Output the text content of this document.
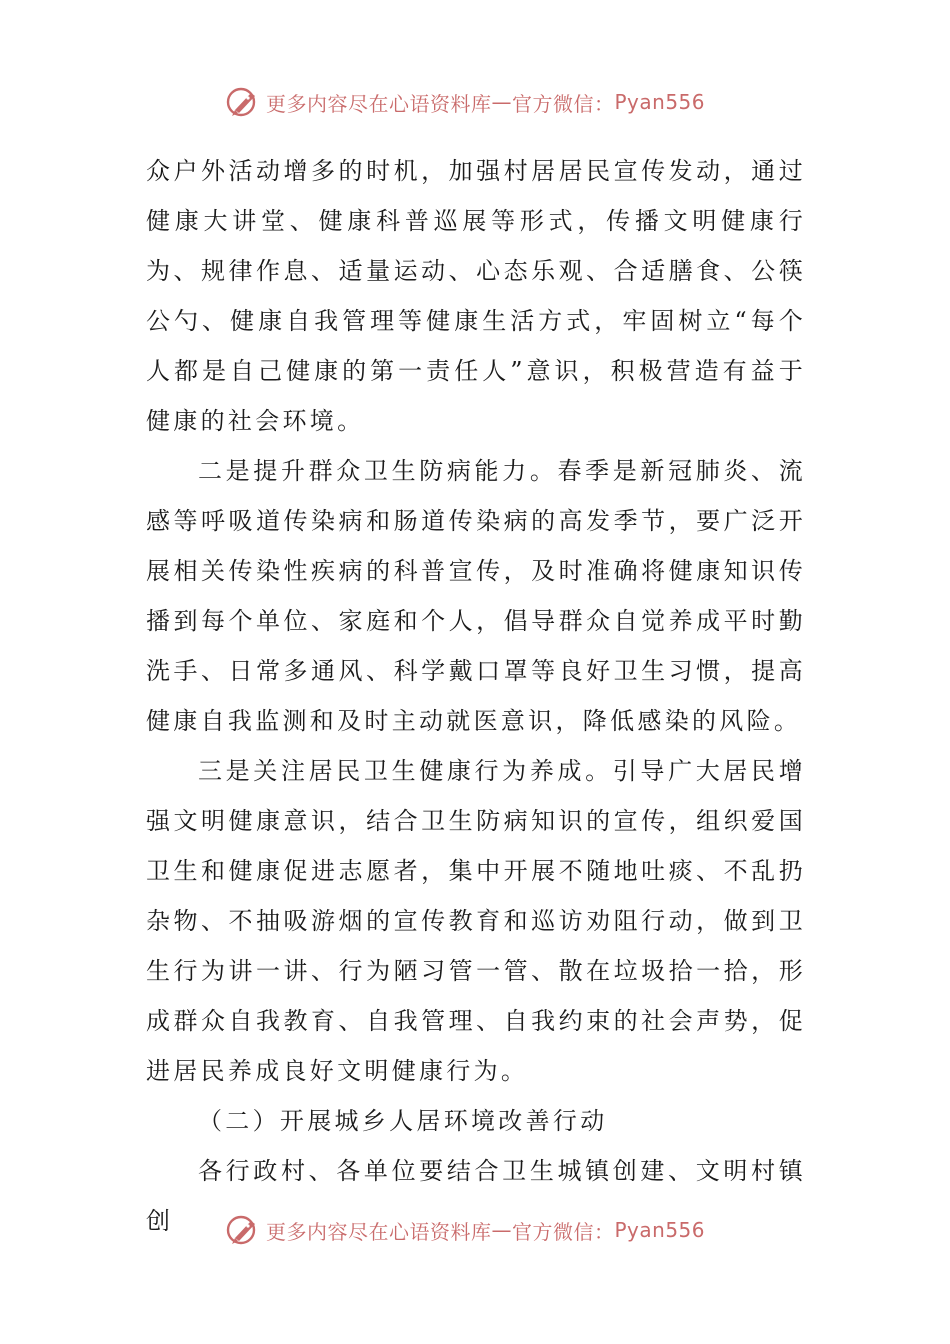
更多内容尽在心语资料库 — 官方微信： Pyan556

众户外活动增多的时机，加强村居居民宣传发动，通过健康大讲堂、健康科普巡展等形式，传播文明健康行为、规律作息、适量运动、心态乐观、合适膳食、公筷公勺、健康自我管理等健康生活方式，牢固树立“每个人都是自己健康的第一责任人”意识，积极营造有益于健康的社会环境。

二是提升群众卫生防病能力。春季是新冠肺炎、流感等呼吸道传染病和肠道传染病的高发季节，要广泛开展相关传染性疾病的科普宣传，及时准确将健康知识传播到每个单位、家庭和个人，倡导群众自觉养成平时勤洗手、日常多通风、科学戴口罩等良好卫生习惯，提高健康自我监测和及时主动就医意识，降低感染的风险。

三是关注居民卫生健康行为养成。引导广大居民增强文明健康意识，结合卫生防病知识的宣传，组织爱国卫生和健康促进志愿者，集中开展不随地吐痰、不乱扔杂物、不抽吸游烟的宣传教育和巡访劝阻行动，做到卫生行为讲一讲、行为陋习管一管、散在垃圾拾一拾，形成群众自我教育、自我管理、自我约束的社会声势，促进居民养成良好文明健康行为。

（二）开展城乡人居环境改善行动

各行政村、各单位要结合卫生城镇创建、文明村镇创	更多内容尽在心语资料库 — 官方微信： Pyan556
